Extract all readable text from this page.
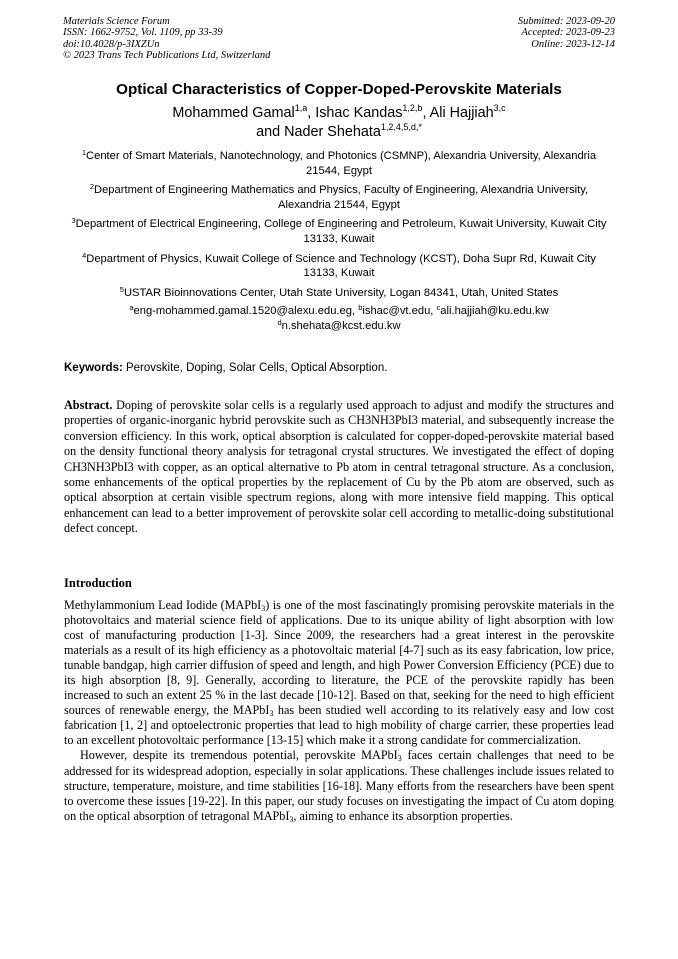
Materials Science Forum
ISSN: 1662-9752, Vol. 1109, pp 33-39
doi:10.4028/p-3IXZUn
© 2023 Trans Tech Publications Ltd, Switzerland
Submitted: 2023-09-20
Accepted: 2023-09-23
Online: 2023-12-14
Optical Characteristics of Copper-Doped-Perovskite Materials
Mohammed Gamal$^{1,a}$, Ishac Kandas$^{1,2,b}$, Ali Hajjiah$^{3,c}$
and Nader Shehata$^{1,2,4,5,d,*}$
$^1$Center of Smart Materials, Nanotechnology, and Photonics (CSMNP), Alexandria University, Alexandria 21544, Egypt
$^2$Department of Engineering Mathematics and Physics, Faculty of Engineering, Alexandria University, Alexandria 21544, Egypt
$^3$Department of Electrical Engineering, College of Engineering and Petroleum, Kuwait University, Kuwait City 13133, Kuwait
$^4$Department of Physics, Kuwait College of Science and Technology (KCST), Doha Supr Rd, Kuwait City 13133, Kuwait
$^5$USTAR Bioinnovations Center, Utah State University, Logan 84341, Utah, United States
$^a$eng-mohammed.gamal.1520@alexu.edu.eg, $^b$ishac@vt.edu, $^c$ali.hajjiah@ku.edu.kw
$^d$n.shehata@kcst.edu.kw
Keywords: Perovskite, Doping, Solar Cells, Optical Absorption.
Abstract. Doping of perovskite solar cells is a regularly used approach to adjust and modify the structures and properties of organic-inorganic hybrid perovskite such as CH3NH3PbI3 material, and subsequently increase the conversion efficiency. In this work, optical absorption is calculated for copper-doped-perovskite material based on the density functional theory analysis for tetragonal crystal structures. We investigated the effect of doping CH3NH3PbI3 with copper, as an optical alternative to Pb atom in central tetragonal structure. As a conclusion, some enhancements of the optical properties by the replacement of Cu by the Pb atom are observed, such as optical absorption at certain visible spectrum regions, along with more intensive field mapping. This optical enhancement can lead to a better improvement of perovskite solar cell according to metallic-doing substitutional defect concept.
Introduction

Methylammonium Lead Iodide (MAPbI$_3$) is one of the most fascinatingly promising perovskite materials in the photovoltaics and material science field of applications. Due to its unique ability of light absorption with low cost of manufacturing production [1-3]. Since 2009, the researchers had a great interest in the perovskite materials as a result of its high efficiency as a photovoltaic material [4-7] such as its easy fabrication, low price, tunable bandgap, high carrier diffusion of speed and length, and high Power Conversion Efficiency (PCE) due to its high absorption [8, 9]. Generally, according to literature, the PCE of the perovskite rapidly has been increased to such an extent 25 % in the last decade [10-12]. Based on that, seeking for the need to high efficient sources of renewable energy, the MAPbI$_3$ has been studied well according to its relatively easy and low cost fabrication [1, 2] and optoelectronic properties that lead to high mobility of charge carrier, these properties lead to an excellent photovoltaic performance [13-15] which make it a strong candidate for commercialization.

However, despite its tremendous potential, perovskite MAPbI$_3$ faces certain challenges that need to be addressed for its widespread adoption, especially in solar applications. These challenges include issues related to structure, temperature, moisture, and time stabilities [16-18]. Many efforts from the researchers have been spent to overcome these issues [19-22]. In this paper, our study focuses on investigating the impact of Cu atom doping on the optical absorption of tetragonal MAPbI$_3$, aiming to enhance its absorption properties.
